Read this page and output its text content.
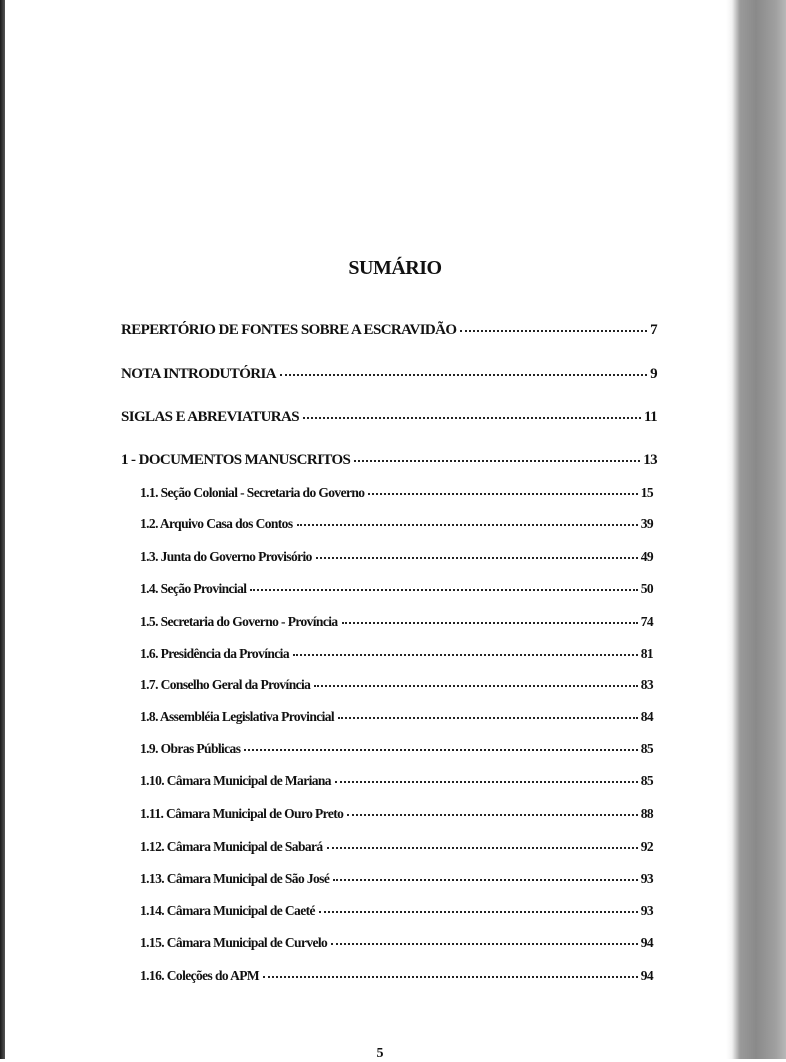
SUMÁRIO
REPERTÓRIO DE FONTES SOBRE A ESCRAVIDÃO	7
NOTA INTRODUTÓRIA	9
SIGLAS E ABREVIATURAS	11
1 - DOCUMENTOS MANUSCRITOS	13
1.1. Seção Colonial - Secretaria do Governo	15
1.2. Arquivo Casa dos Contos	39
1.3. Junta do Governo Provisório	49
1.4. Seção Provincial	50
1.5. Secretaria do Governo - Província	74
1.6. Presidência da Província	81
1.7. Conselho Geral da Província	83
1.8. Assembléia Legislativa Provincial	84
1.9. Obras Públicas	85
1.10. Câmara Municipal de Mariana	85
1.11. Câmara Municipal de Ouro Preto	88
1.12. Câmara Municipal de Sabará	92
1.13. Câmara Municipal de São José	93
1.14. Câmara Municipal de Caeté	93
1.15. Câmara Municipal de Curvelo	94
1.16. Coleções do APM	94
5
